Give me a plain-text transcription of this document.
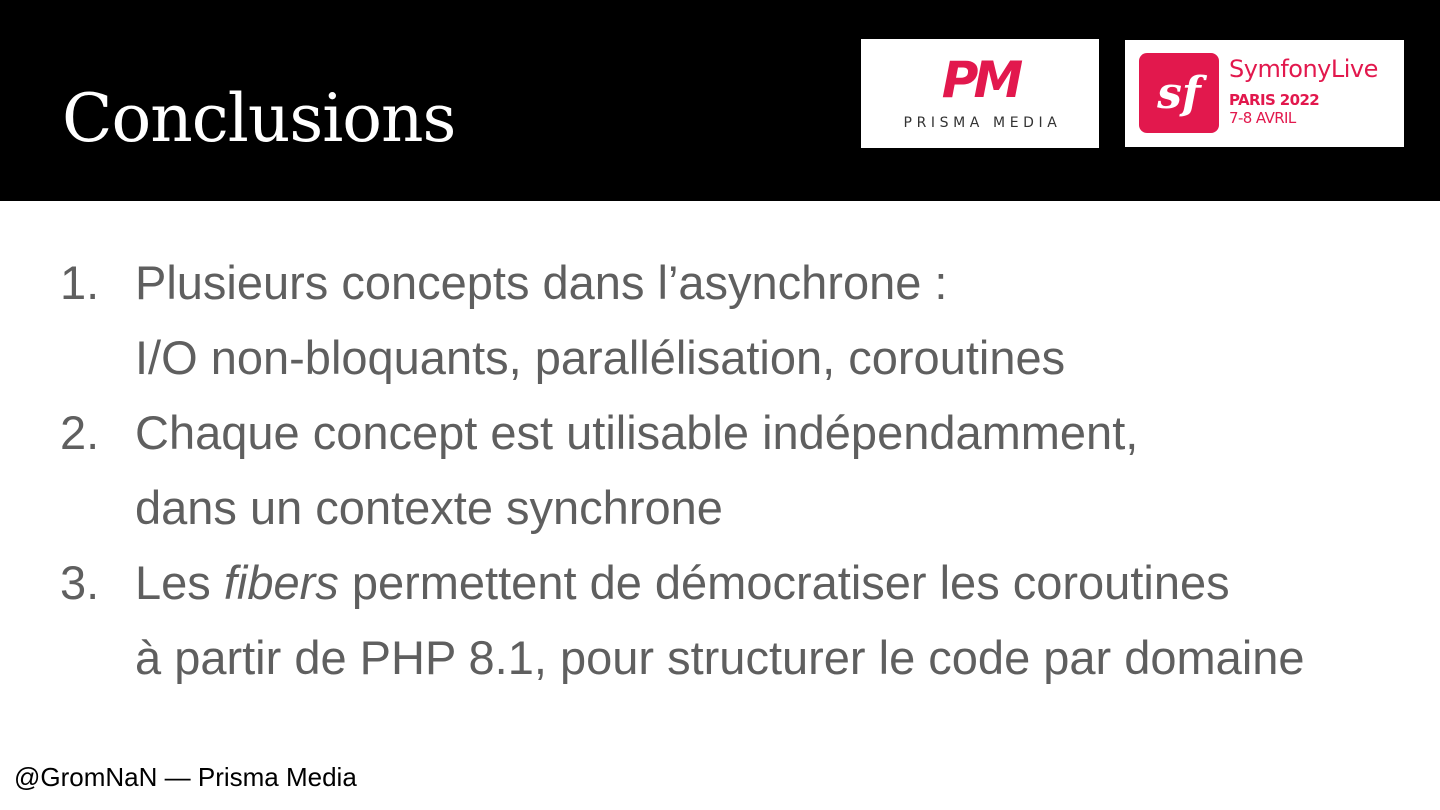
Conclusions	PM
PRISMA MEDIA
sf SymfonyLive
PARIS 2022
7-8 AVRIL
1. Plusieurs concepts dans l’asynchrone :
I/O non-bloquants, parallélisation, coroutines
2. Chaque concept est utilisable indépendamment,
dans un contexte synchrone
3. Les fibers permettent de démocratiser les coroutines
à partir de PHP 8.1, pour structurer le code par domaine
@GromNaN — Prisma Media
